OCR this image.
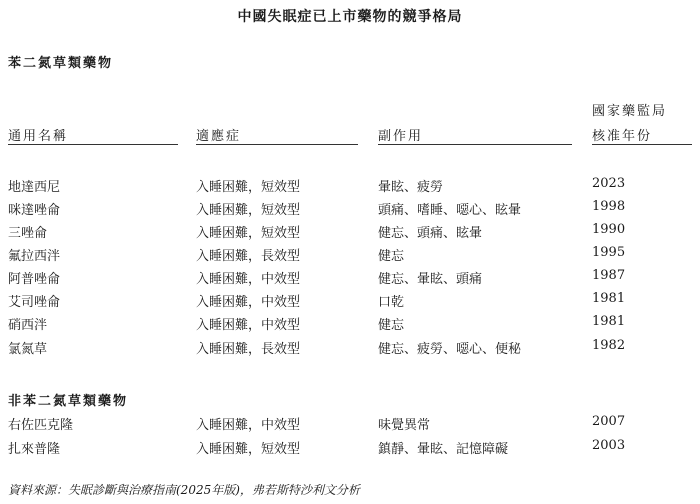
中國失眠症已上市藥物的競爭格局
苯二氮草類藥物
國家藥監局
通用名稱	適應症	副作用	核准年份
地達西尼	入睡困難，短效型	暈眩、疲勞	2023
咪達唑侖	入睡困難，短效型	頭痛、嗜睡、噁心、眩暈	1998
三唑侖	入睡困難，短效型	健忘、頭痛、眩暈	1990
氟拉西泮	入睡困難，長效型	健忘	1995
阿普唑侖	入睡困難，中效型	健忘、暈眩、頭痛	1987
艾司唑侖	入睡困難，中效型	口乾	1981
硝西泮	入睡困難，中效型	健忘	1981
氯氮草	入睡困難，長效型	健忘、疲勞、噁心、便秘	1982
非苯二氮草類藥物
右佐匹克隆	入睡困難，中效型	味覺異常	2007
扎來普隆	入睡困難，短效型	鎮靜、暈眩、記憶障礙	2003
資料來源：失眠診斷與治療指南(2025年版)，弗若斯特沙利文分析
